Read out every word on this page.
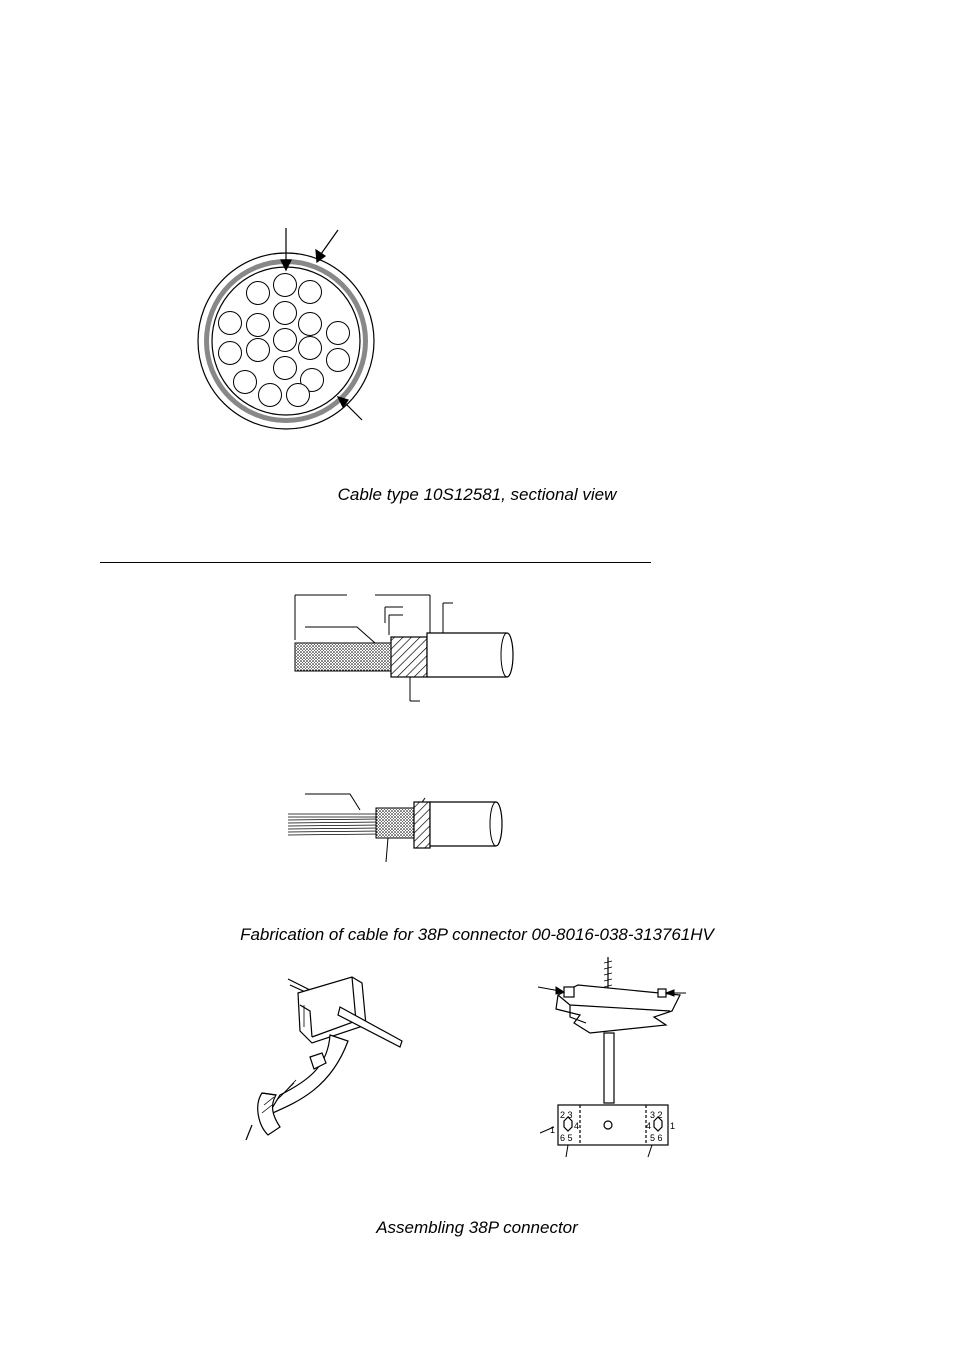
Cable type 10S12581, sectional view
Fabrication of cable for 38P connector 00-8016-038-313761HV
2 3
6 5
4
1
3 2
5 6
4 1
Assembling 38P connector
